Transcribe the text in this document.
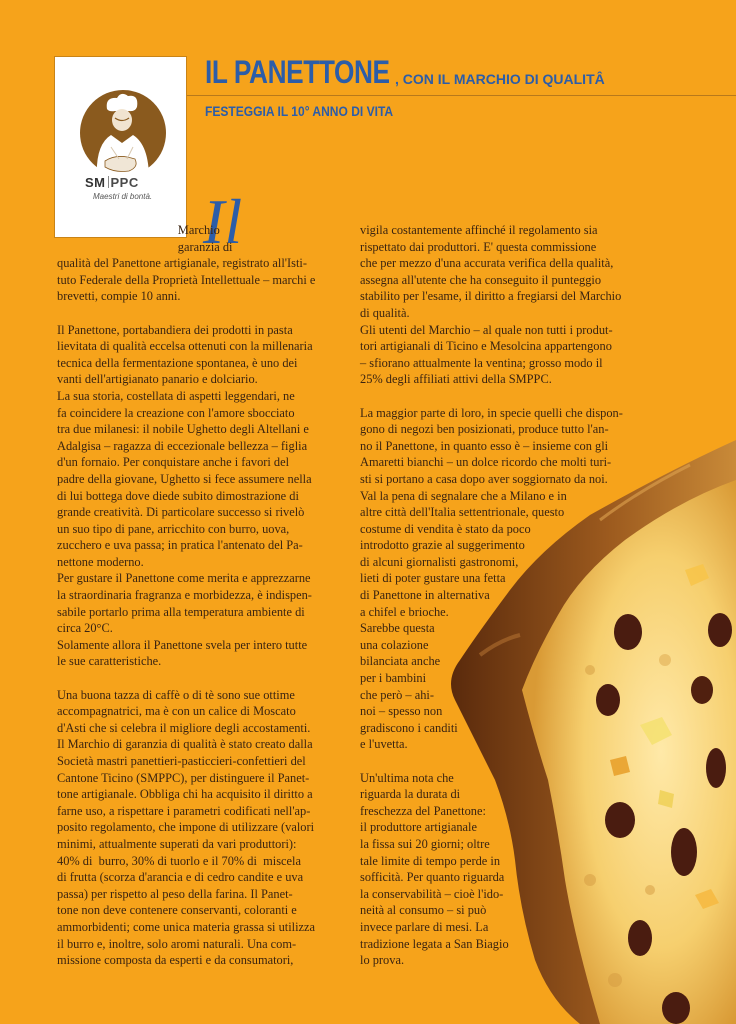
SM PPC
Maestri di bontà.
IL PANETTONE , CON IL MARCHIO DI QUALITÂ
FESTEGGIA IL 10° ANNO DI VITA
Il

Marchio

garanzia di

qualità del Panettone artigianale, registrato all'Isti-

tuto Federale della Proprietà Intellettuale – marchi e

brevetti, compie 10 anni.

Il Panettone, portabandiera dei prodotti in pasta

lievitata di qualità eccelsa ottenuti con la millenaria

tecnica della fermentazione spontanea, è uno dei

vanti dell'artigianato panario e dolciario.

La sua storia, costellata di aspetti leggendari, ne

fa coincidere la creazione con l'amore sbocciato

tra due milanesi: il nobile Ughetto degli Altellani e

Adalgisa – ragazza di eccezionale bellezza – figlia

d'un fornaio. Per conquistare anche i favori del

padre della giovane, Ughetto si fece assumere nella

di lui bottega dove diede subito dimostrazione di

grande creatività. Di particolare successo si rivelò

un suo tipo di pane, arricchito con burro, uova,

zucchero e uva passa; in pratica l'antenato del Pa-

nettone moderno.

Per gustare il Panettone come merita e apprezzarne

la straordinaria fragranza e morbidezza, è indispen-

sabile portarlo prima alla temperatura ambiente di

circa 20°C.

Solamente allora il Panettone svela per intero tutte

le sue caratteristiche.

Una buona tazza di caffè o di tè sono sue ottime

accompagnatrici, ma è con un calice di Moscato

d'Asti che si celebra il migliore degli accostamenti.

Il Marchio di garanzia di qualità è stato creato dalla

Società mastri panettieri-pasticcieri-confettieri del

Cantone Ticino (SMPPC), per distinguere il Panet-

tone artigianale. Obbliga chi ha acquisito il diritto a

farne uso, a rispettare i parametri codificati nell'ap-

posito regolamento, che impone di utilizzare (valori

minimi, attualmente superati da vari produttori):

40% di  burro, 30% di tuorlo e il 70% di  miscela

di frutta (scorza d'arancia e di cedro candite e uva

passa) per rispetto al peso della farina. Il Panet-

tone non deve contenere conservanti, coloranti e

ammorbidenti; come unica materia grassa si utilizza

il burro e, inoltre, solo aromi naturali. Una com-

missione composta da esperti e da consumatori,

vigila costantemente affinché il regolamento sia

rispettato dai produttori. E' questa commissione

che per mezzo d'una accurata verifica della qualità,

assegna all'utente che ha conseguito il punteggio

stabilito per l'esame, il diritto a fregiarsi del Marchio

di qualità.

Gli utenti del Marchio – al quale non tutti i produt-

tori artigianali di Ticino e Mesolcina appartengono

– sfiorano attualmente la ventina; grosso modo il

25% degli affiliati attivi della SMPPC.

La maggior parte di loro, in specie quelli che dispon-

gono di negozi ben posizionati, produce tutto l'an-

no il Panettone, in quanto esso è – insieme con gli

Amaretti bianchi – un dolce ricordo che molti turi-

sti si portano a casa dopo aver soggiornato da noi.

Val la pena di segnalare che a Milano e in

altre città dell'Italia settentrionale, questo

costume di vendita è stato da poco

introdotto grazie al suggerimento

di alcuni giornalisti gastronomi,

lieti di poter gustare una fetta

di Panettone in alternativa

a chifel e brioche.

Sarebbe questa

una colazione

bilanciata anche

per i bambini

che però – ahi-

noi – spesso non

gradiscono i canditi

e l'uvetta.

Un'ultima nota che

riguarda la durata di

freschezza del Panettone:

il produttore artigianale

la fissa sui 20 giorni; oltre

tale limite di tempo perde in

sofficità. Per quanto riguarda

la conservabilità – cioè l'ido-

neità al consumo – si può

invece parlare di mesi. La

tradizione legata a San Biagio

lo prova.
